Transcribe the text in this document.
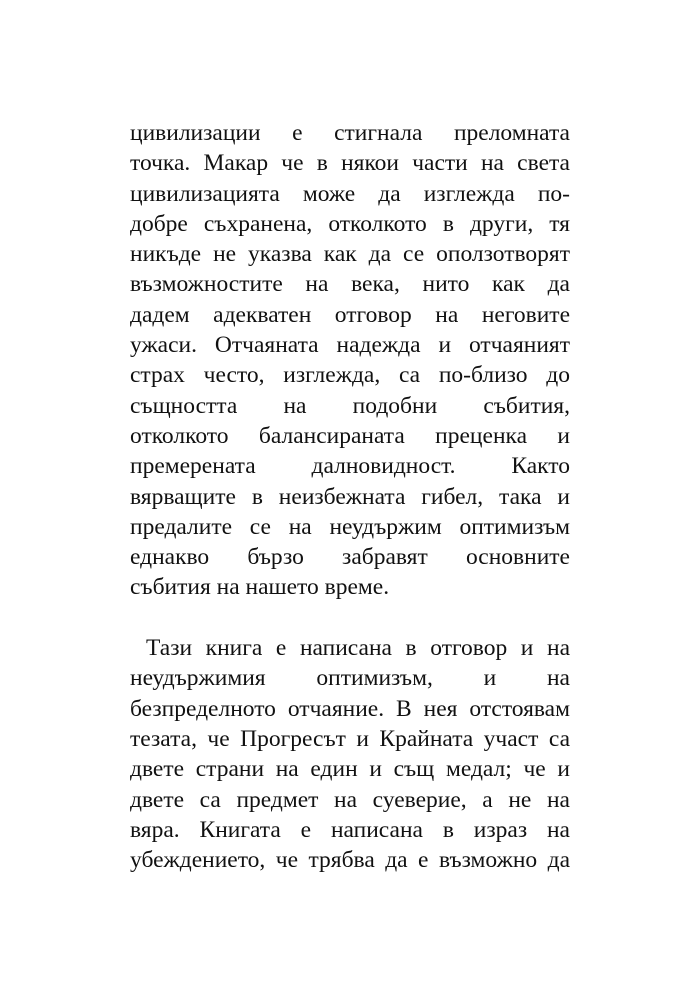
цивилизации е стигнала преломната
точка. Макар че в някои части на света
цивилизацията може да изглежда по-
добре съхранена, отколкото в други, тя
никъде не указва как да се оползотворят
възможностите на века, нито как да
дадем адекватен отговор на неговите
ужаси. Отчаяната надежда и отчаяният
страх често, изглежда, са по-близо до
същността на подобни събития,
отколкото балансираната преценка и
премерената далновидност. Както
вярващите в неизбежната гибел, така и
предалите се на неудържим оптимизъм
еднакво бързо забравят основните
събития на нашето време.
Тази книга е написана в отговор и на
неудържимия оптимизъм, и на
безпределното отчаяние. В нея отстоявам
тезата, че Прогресът и Крайната участ са
двете страни на един и същ медал; че и
двете са предмет на суеверие, а не на
вяра. Книгата е написана в израз на
убеждението, че трябва да е възможно да
